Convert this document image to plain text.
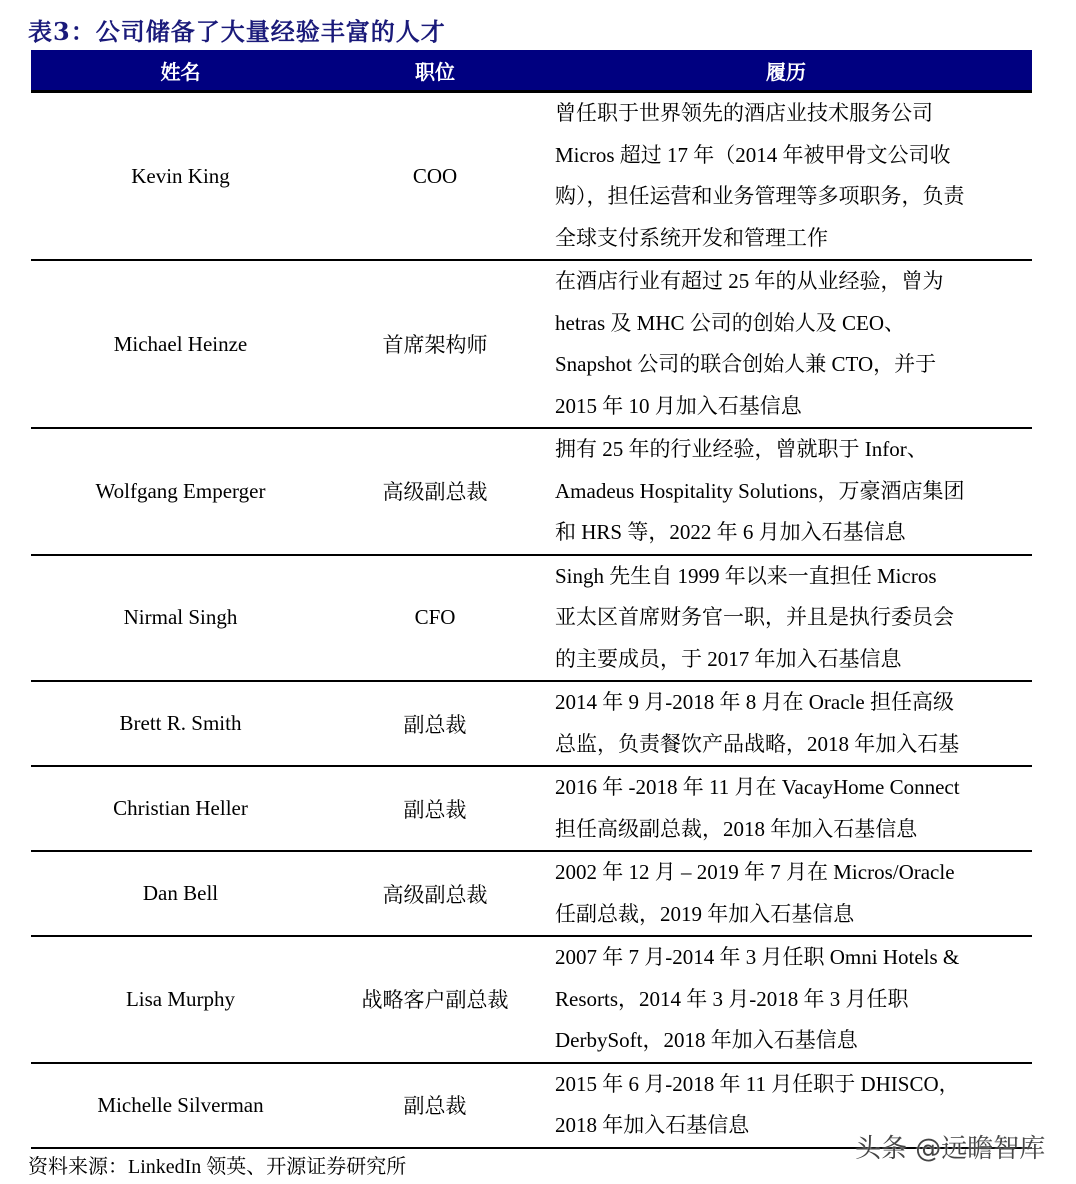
表3：公司储备了大量经验丰富的人才
姓名	职位	履历
Kevin King	COO	曾任职于世界领先的酒店业技术服务公司
Micros 超过 17 年（2014 年被甲骨文公司收
购），担任运营和业务管理等多项职务，负责
全球支付系统开发和管理工作

Michael Heinze	首席架构师	在酒店行业有超过 25 年的从业经验，曾为
hetras 及 MHC 公司的创始人及 CEO、
Snapshot 公司的联合创始人兼 CTO，并于
2015 年 10 月加入石基信息

Wolfgang Emperger	高级副总裁	拥有 25 年的行业经验，曾就职于 Infor、
Amadeus Hospitality Solutions，万豪酒店集团
和 HRS 等，2022 年 6 月加入石基信息

Nirmal Singh	CFO	Singh 先生自 1999 年以来一直担任 Micros
亚太区首席财务官一职，并且是执行委员会
的主要成员，于 2017 年加入石基信息

Brett R. Smith	副总裁	2014 年 9 月-2018 年 8 月在 Oracle 担任高级
总监，负责餐饮产品战略，2018 年加入石基

Christian Heller	副总裁	2016 年 -2018 年 11 月在 VacayHome Connect
担任高级副总裁，2018 年加入石基信息

Dan Bell	高级副总裁	2002 年 12 月 – 2019 年 7 月在 Micros/Oracle
任副总裁，2019 年加入石基信息

Lisa Murphy	战略客户副总裁	2007 年 7 月-2014 年 3 月任职 Omni Hotels &
Resorts，2014 年 3 月-2018 年 3 月任职
DerbySoft，2018 年加入石基信息

Michelle Silverman	副总裁	2015 年 6 月-2018 年 11 月任职于 DHISCO，
2018 年加入石基信息
资料来源：LinkedIn 领英、开源证券研究所
头条 @远瞻智库
